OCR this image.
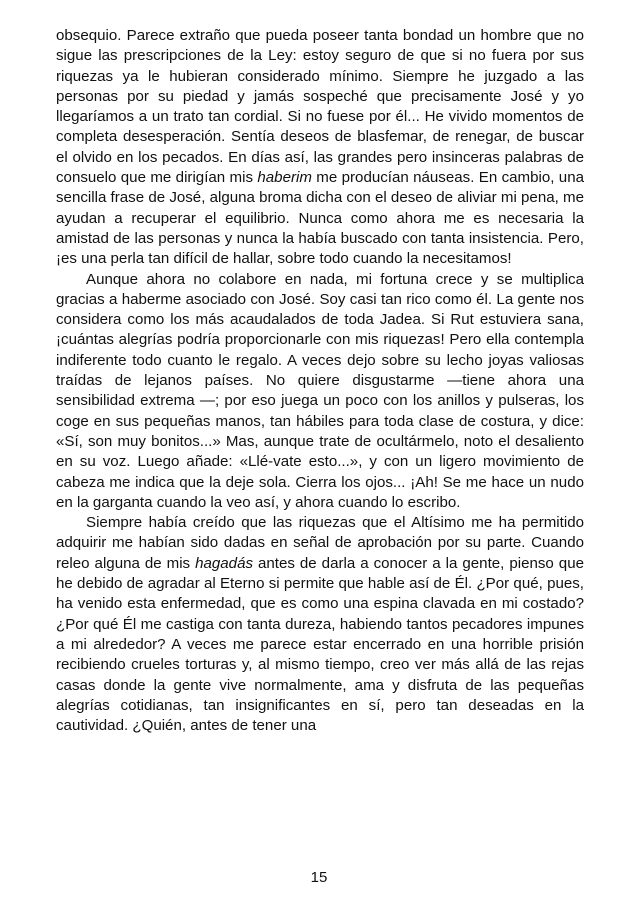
obsequio. Parece extraño que pueda poseer tanta bondad un hombre que no sigue las prescripciones de la Ley: estoy seguro de que si no fuera por sus riquezas ya le hubieran considerado mínimo. Siempre he juzgado a las personas por su piedad y jamás sospeché que precisamente José y yo llegaríamos a un trato tan cordial. Si no fuese por él... He vivido momentos de completa desesperación. Sentía deseos de blasfemar, de renegar, de buscar el olvido en los pecados. En días así, las grandes pero insinceras palabras de consuelo que me dirigían mis haberim me producían náuseas. En cambio, una sencilla frase de José, alguna broma dicha con el deseo de aliviar mi pena, me ayudan a recuperar el equilibrio. Nunca como ahora me es necesaria la amistad de las personas y nunca la había buscado con tanta insistencia. Pero, ¡es una perla tan difícil de hallar, sobre todo cuando la necesitamos!

Aunque ahora no colabore en nada, mi fortuna crece y se multiplica gracias a haberme asociado con José. Soy casi tan rico como él. La gente nos considera como los más acaudalados de toda Jadea. Si Rut estuviera sana, ¡cuántas alegrías podría proporcionarle con mis riquezas! Pero ella contempla indiferente todo cuanto le regalo. A veces dejo sobre su lecho joyas valiosas traídas de lejanos países. No quiere disgustarme —tiene ahora una sensibilidad extrema —; por eso juega un poco con los anillos y pulseras, los coge en sus pequeñas manos, tan hábiles para toda clase de costura, y dice: «Sí, son muy bonitos...» Mas, aunque trate de ocultármelo, noto el desaliento en su voz. Luego añade: «Llé-vate esto...», y con un ligero movimiento de cabeza me indica que la deje sola. Cierra los ojos... ¡Ah! Se me hace un nudo en la garganta cuando la veo así, y ahora cuando lo escribo.

Siempre había creído que las riquezas que el Altísimo me ha permitido adquirir me habían sido dadas en señal de aprobación por su parte. Cuando releo alguna de mis hagadás antes de darla a conocer a la gente, pienso que he debido de agradar al Eterno si permite que hable así de Él. ¿Por qué, pues, ha venido esta enfermedad, que es como una espina clavada en mi costado? ¿Por qué Él me castiga con tanta dureza, habiendo tantos pecadores impunes a mi alrededor? A veces me parece estar encerrado en una horrible prisión recibiendo crueles torturas y, al mismo tiempo, creo ver más allá de las rejas casas donde la gente vive normalmente, ama y disfruta de las pequeñas alegrías cotidianas, tan insignificantes en sí, pero tan deseadas en la cautividad. ¿Quién, antes de tener una

15
